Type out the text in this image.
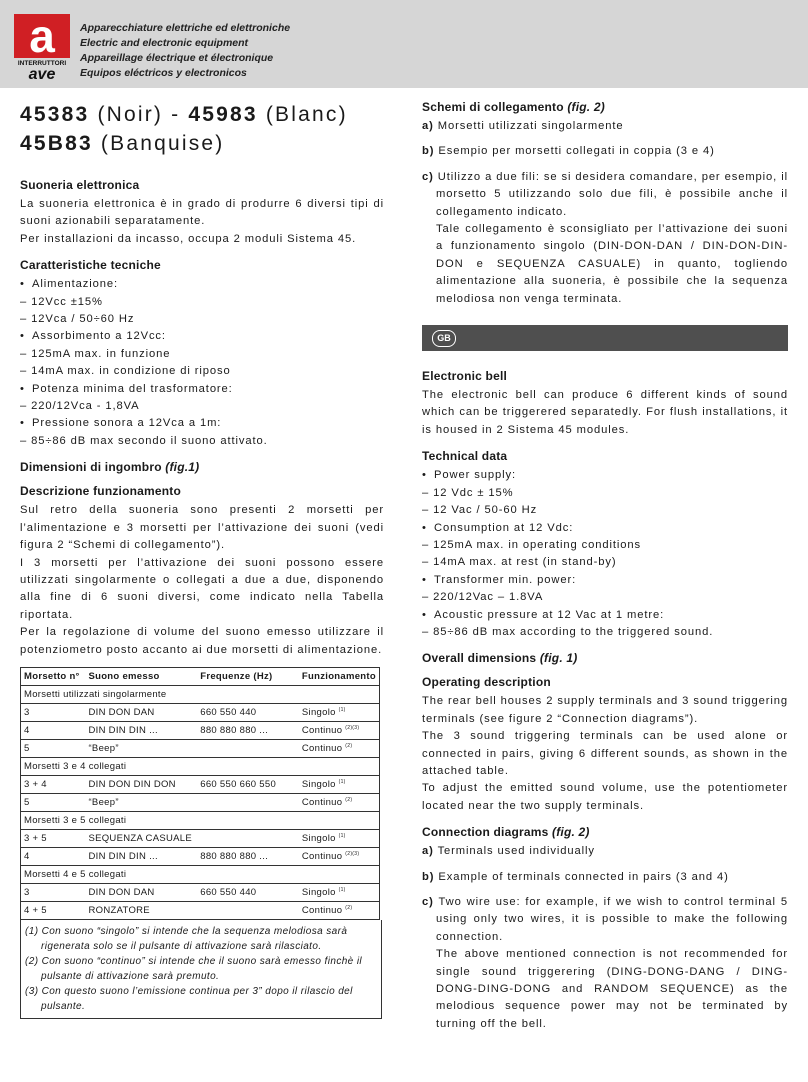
a
INTERRUTTORI
ave
Apparecchiature elettriche ed elettroniche
Electric and electronic equipment
Appareillage électrique et électronique
Equipos eléctricos y electronicos
45383 (Noir) - 45983 (Blanc)
45B83 (Banquise)
Suoneria elettronica

La suoneria elettronica è in grado di produrre 6 diversi tipi di suoni azionabili separatamente.

Per installazioni da incasso, occupa 2 moduli Sistema 45.

Caratteristiche tecniche
• Alimentazione:
– 12Vcc ±15%
– 12Vca / 50÷60 Hz
• Assorbimento a 12Vcc:
– 125mA max. in funzione
– 14mA max. in condizione di riposo
• Potenza minima del trasformatore:
– 220/12Vca - 1,8VA
• Pressione sonora a 12Vca a 1m:
– 85÷86 dB max secondo il suono attivato.
Dimensioni di ingombro (fig.1)
Descrizione funzionamento

Sul retro della suoneria sono presenti 2 morsetti per l’alimentazione e 3 morsetti per l’attivazione dei suoni (vedi figura 2 “Schemi di collegamento”).

I 3 morsetti per l’attivazione dei suoni possono essere utilizzati singolarmente o collegati a due a due, disponendo alla fine di 6 suoni diversi, come indicato nella Tabella riportata.

Per la regolazione di volume del suono emesso utilizzare il potenziometro posto accanto ai due morsetti di alimentazione.

Morsetto n°	Suono emesso	Frequenze (Hz)	Funzionamento
Morsetti utilizzati singolarmente			
3	DIN DON DAN	660 550 440	Singolo $^{(1)}$
4	DIN DIN DIN ...	880 880 880 ...	Continuo $^{(2)(3)}$
5	“Beep”		Continuo $^{(2)}$
Morsetti 3 e 4 collegati			
3 + 4	DIN DON DIN DON	660 550 660 550	Singolo $^{(1)}$
5	“Beep”		Continuo $^{(2)}$
Morsetti 3 e 5 collegati			
3 + 5	SEQUENZA CASUALE		Singolo $^{(1)}$
4	DIN DIN DIN ...	880 880 880 ...	Continuo $^{(2)(3)}$
Morsetti 4 e 5 collegati			
3	DIN DON DAN	660 550 440	Singolo $^{(1)}$
4 + 5	RONZATORE		Continuo $^{(2)}$
(1) Con suono “singolo” si intende che la sequenza melodiosa sarà rigenerata solo se il pulsante di attivazione sarà rilasciato.
(2) Con suono “continuo” si intende che il suono sarà emesso finchè il pulsante di attivazione sarà premuto.
(3) Con questo suono l’emissione continua per 3” dopo il rilascio del pulsante.
Schemi di collegamento (fig. 2)
a) Morsetti utilizzati singolarmente
b) Esempio per morsetti collegati in coppia (3 e 4)
c) Utilizzo a due fili: se si desidera comandare, per esempio, il morsetto 5 utilizzando solo due fili, è possibile anche il collegamento indicato.
Tale collegamento è sconsigliato per l’attivazione dei suoni a funzionamento singolo (DIN-DON-DAN / DIN-DON-DIN-DON e SEQUENZA CASUALE) in quanto, togliendo alimentazione alla suoneria, è possibile che la sequenza melodiosa non venga terminata.
GB
Electronic bell

The electronic bell can produce 6 different kinds of sound which can be triggerered separatedly. For flush installations, it is housed in 2 Sistema 45 modules.

Technical data
• Power supply:
– 12 Vdc ± 15%
– 12 Vac / 50-60 Hz
• Consumption at 12 Vdc:
– 125mA max. in operating conditions
– 14mA max. at rest (in stand-by)
• Transformer min. power:
– 220/12Vac – 1.8VA
• Acoustic pressure at 12 Vac at 1 metre:
– 85÷86 dB max according to the triggered sound.
Overall dimensions (fig. 1)
Operating description

The rear bell houses 2 supply terminals and 3 sound triggering terminals (see figure 2 “Connection diagrams”).

The 3 sound triggering terminals can be used alone or connected in pairs, giving 6 different sounds, as shown in the attached table.

To adjust the emitted sound volume, use the potentiometer located near the two supply terminals.

Connection diagrams (fig. 2)
a) Terminals used individually
b) Example of terminals connected in pairs (3 and 4)
c) Two wire use: for example, if we wish to control terminal 5 using only two wires, it is possible to make the following connection.
The above mentioned connection is not recommended for single sound triggerering (DING-DONG-DANG / DING-DONG-DING-DONG and RANDOM SEQUENCE) as the melodious sequence power may not be terminated by turning off the bell.
